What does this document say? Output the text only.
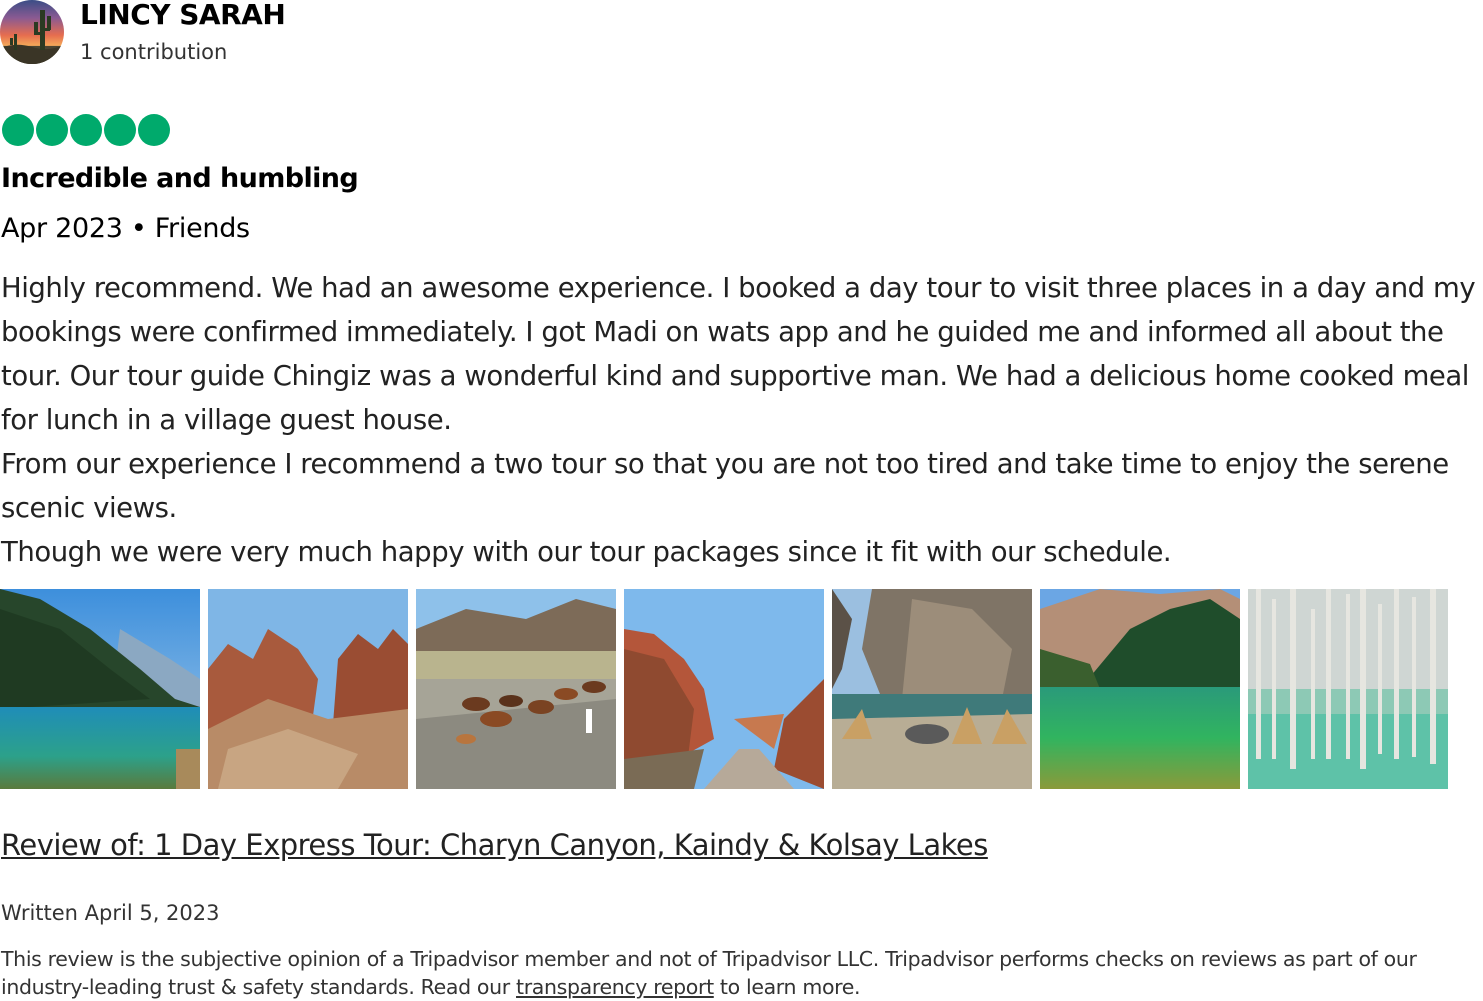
LINCY SARAH
1 contribution
Incredible and humbling
Apr 2023 • Friends

Highly recommend. We had an awesome experience. I booked a day tour to visit three places in a day and my bookings were confirmed immediately. I got Madi on wats app and he guided me and informed all about the tour. Our tour guide Chingiz was a wonderful kind and supportive man. We had a delicious home cooked meal for lunch in a village guest house.

From our experience I recommend a two tour so that you are not too tired and take time to enjoy the serene scenic views.

Though we were very much happy with our tour packages since it fit with our schedule.

Review of: 1 Day Express Tour: Charyn Canyon, Kaindy & Kolsay Lakes
Written April 5, 2023
This review is the subjective opinion of a Tripadvisor member and not of Tripadvisor LLC. Tripadvisor performs checks on reviews as part of our industry-leading trust & safety standards. Read our transparency report to learn more.
